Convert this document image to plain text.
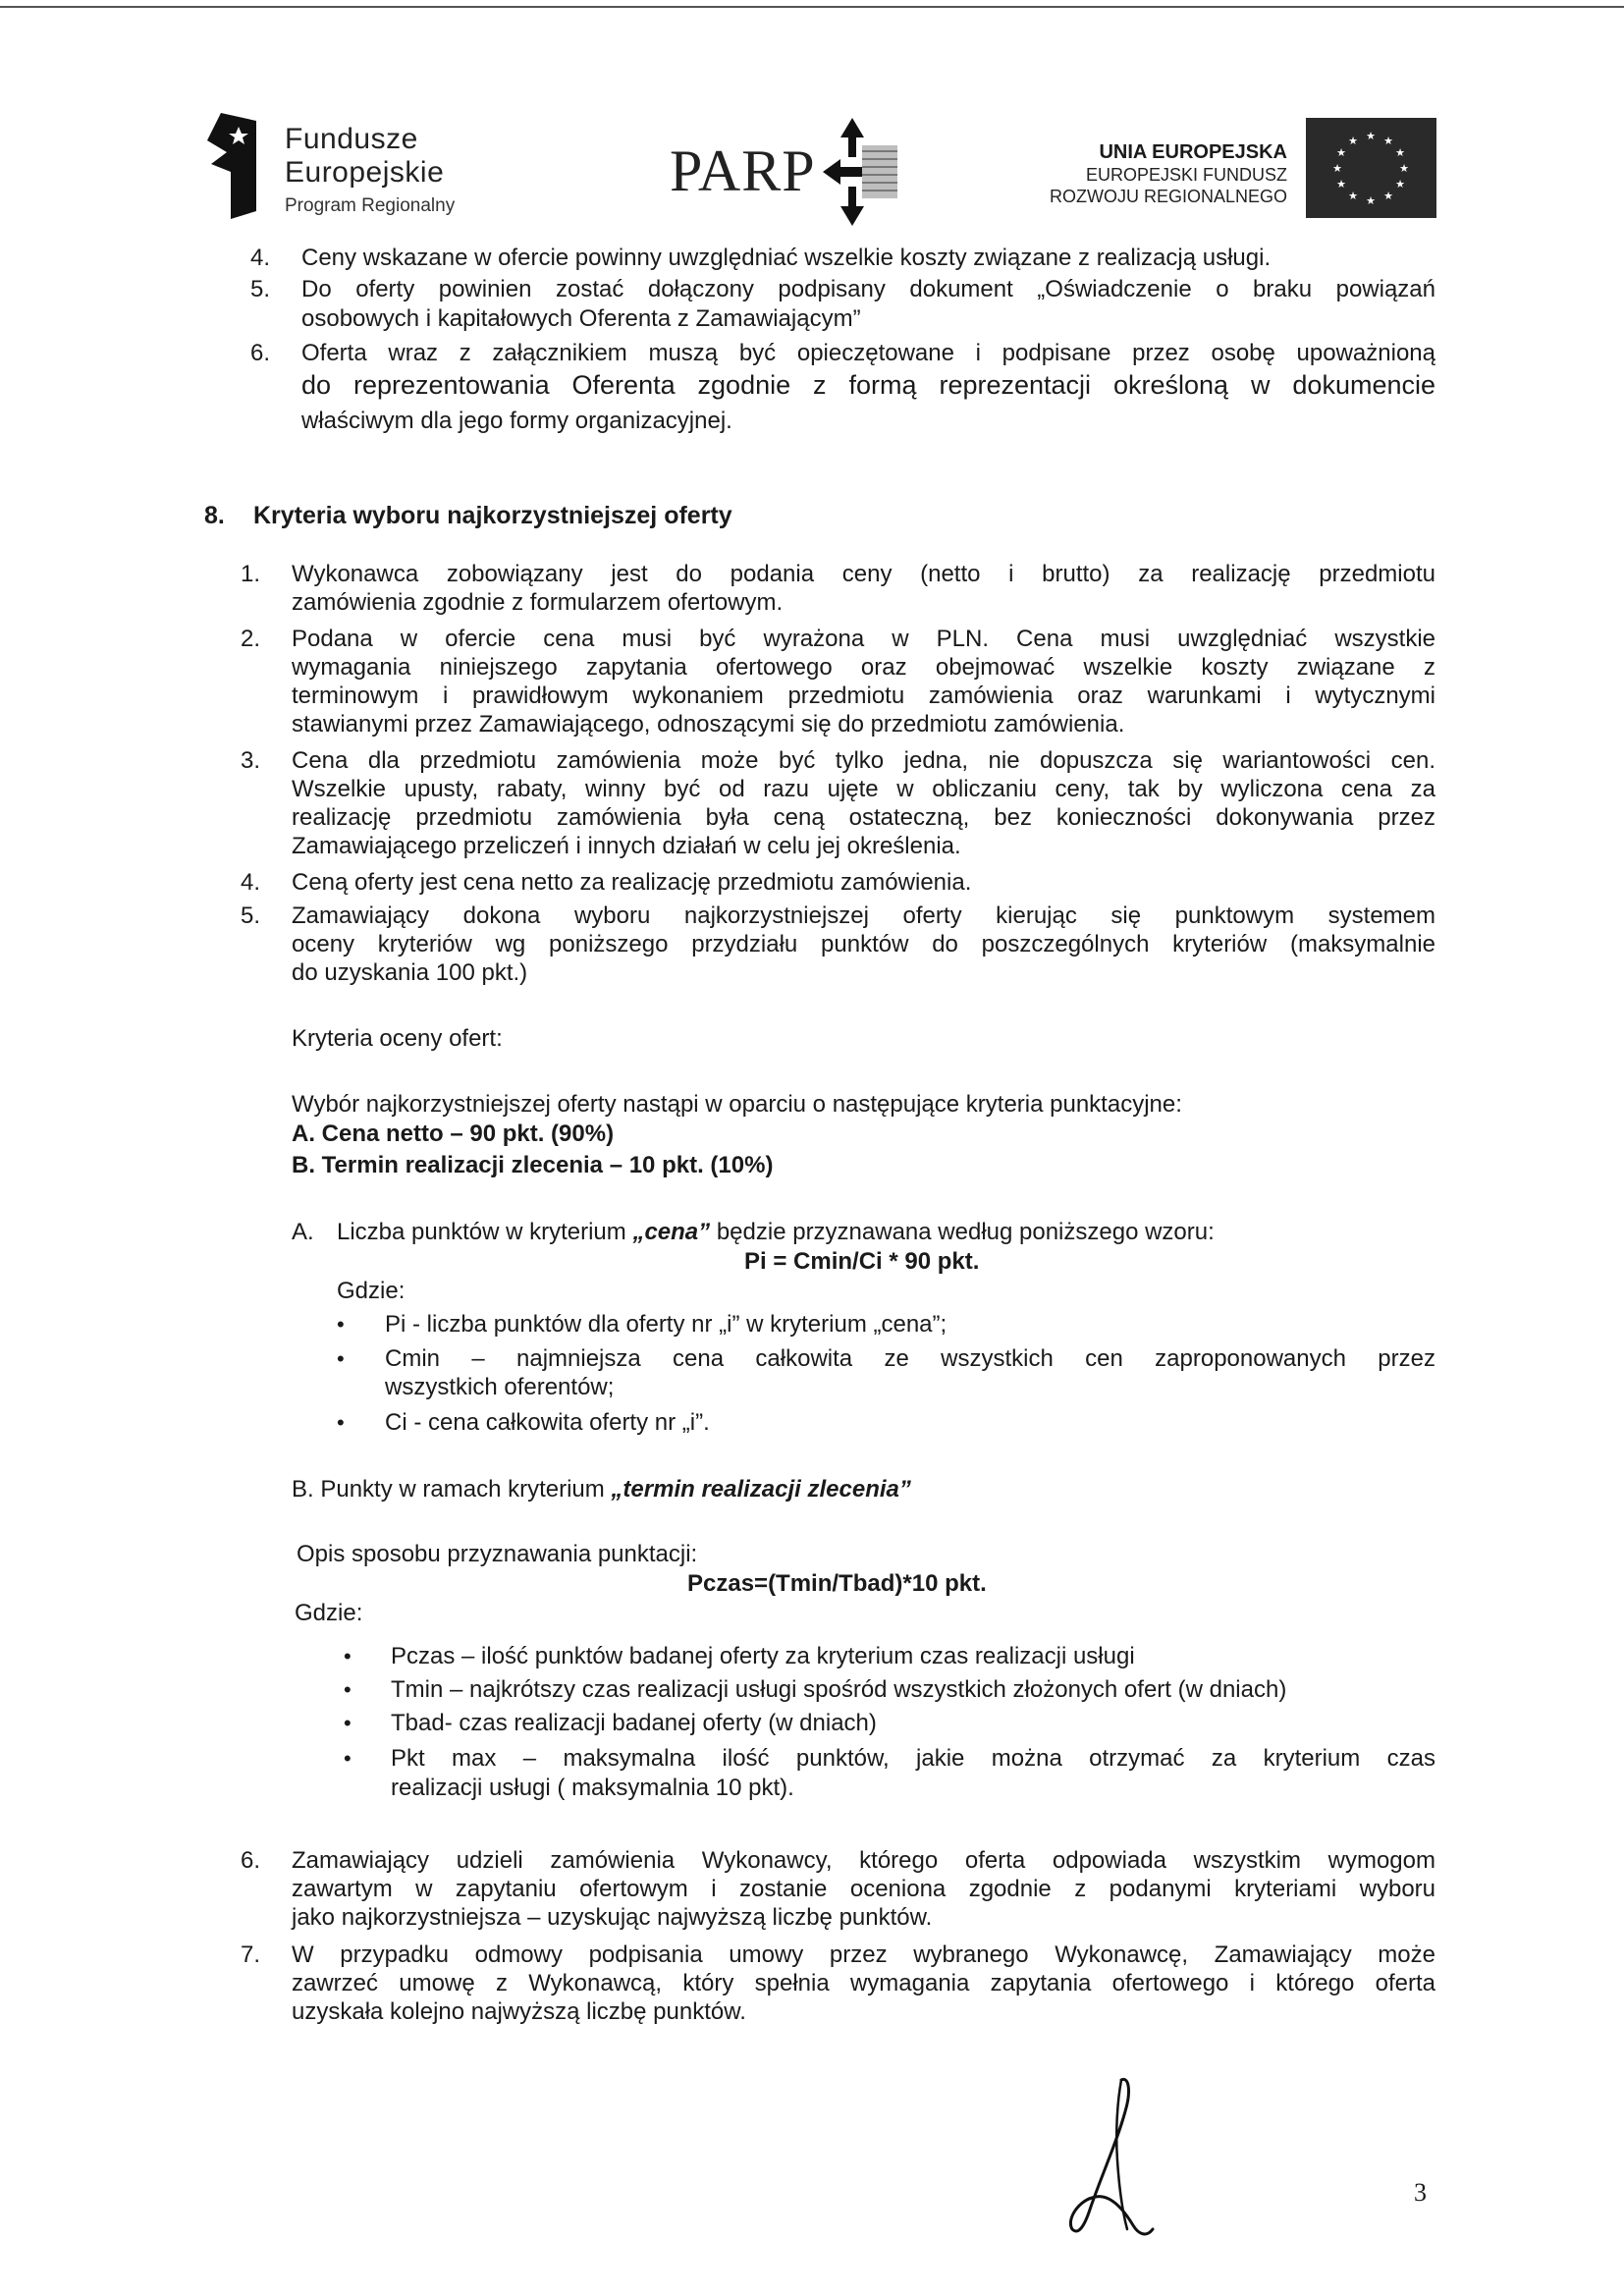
Fundusze
Europejskie
Program Regionalny
PARP	UNIA EUROPEJSKA
EUROPEJSKI FUNDUSZ
ROZWOJU REGIONALNEGO
★ ★
★
★
★
★
★
★
★
★
★
★
4. Ceny wskazane w ofercie powinny uwzględniać wszelkie koszty związane z realizacją usługi.
5. Do oferty powinien zostać dołączony podpisany dokument „Oświadczenie o braku powiązań
osobowych i kapitałowych Oferenta z Zamawiającym”
6. Oferta wraz z załącznikiem muszą być opieczętowane i podpisane przez osobę upoważnioną
do reprezentowania Oferenta zgodnie z formą reprezentacji określoną w dokumencie
właściwym dla jego formy organizacyjnej.
8. Kryteria wyboru najkorzystniejszej oferty
1. Wykonawca zobowiązany jest do podania ceny (netto i brutto) za realizację przedmiotu
zamówienia zgodnie z formularzem ofertowym.
2. Podana w ofercie cena musi być wyrażona w PLN. Cena musi uwzględniać wszystkie
wymagania niniejszego zapytania ofertowego oraz obejmować wszelkie koszty związane z
terminowym i prawidłowym wykonaniem przedmiotu zamówienia oraz warunkami i wytycznymi
stawianymi przez Zamawiającego, odnoszącymi się do przedmiotu zamówienia.
3. Cena dla przedmiotu zamówienia może być tylko jedna, nie dopuszcza się wariantowości cen.
Wszelkie upusty, rabaty, winny być od razu ujęte w obliczaniu ceny, tak by wyliczona cena za
realizację przedmiotu zamówienia była ceną ostateczną, bez konieczności dokonywania przez
Zamawiającego przeliczeń i innych działań w celu jej określenia.
4. Ceną oferty jest cena netto za realizację przedmiotu zamówienia.
5. Zamawiający dokona wyboru najkorzystniejszej oferty kierując się punktowym systemem
oceny kryteriów wg poniższego przydziału punktów do poszczególnych kryteriów (maksymalnie
do uzyskania 100 pkt.)
Kryteria oceny ofert:
Wybór najkorzystniejszej oferty nastąpi w oparciu o następujące kryteria punktacyjne:
A. Cena netto – 90 pkt. (90%)
B. Termin realizacji zlecenia – 10 pkt. (10%)
A. Liczba punktów w kryterium „cena” będzie przyznawana według poniższego wzoru:
Pi = Cmin/Ci * 90 pkt.
Gdzie:
• Pi - liczba punktów dla oferty nr „i” w kryterium „cena”;
• Cmin – najmniejsza cena całkowita ze wszystkich cen zaproponowanych przez
wszystkich oferentów;
• Ci - cena całkowita oferty nr „i”.
B. Punkty w ramach kryterium „termin realizacji zlecenia”
Opis sposobu przyznawania punktacji:
Pczas=(Tmin/Tbad)*10 pkt.
Gdzie:
• Pczas – ilość punktów badanej oferty za kryterium czas realizacji usługi
• Tmin – najkrótszy czas realizacji usługi spośród wszystkich złożonych ofert (w dniach)
• Tbad- czas realizacji badanej oferty (w dniach)
• Pkt max – maksymalna ilość punktów, jakie można otrzymać za kryterium czas
realizacji usługi ( maksymalnia 10 pkt).
6. Zamawiający udzieli zamówienia Wykonawcy, którego oferta odpowiada wszystkim wymogom
zawartym w zapytaniu ofertowym i zostanie oceniona zgodnie z podanymi kryteriami wyboru
jako najkorzystniejsza – uzyskując najwyższą liczbę punktów.
7. W przypadku odmowy podpisania umowy przez wybranego Wykonawcę, Zamawiający może
zawrzeć umowę z Wykonawcą, który spełnia wymagania zapytania ofertowego i którego oferta
uzyskała kolejno najwyższą liczbę punktów.
3
